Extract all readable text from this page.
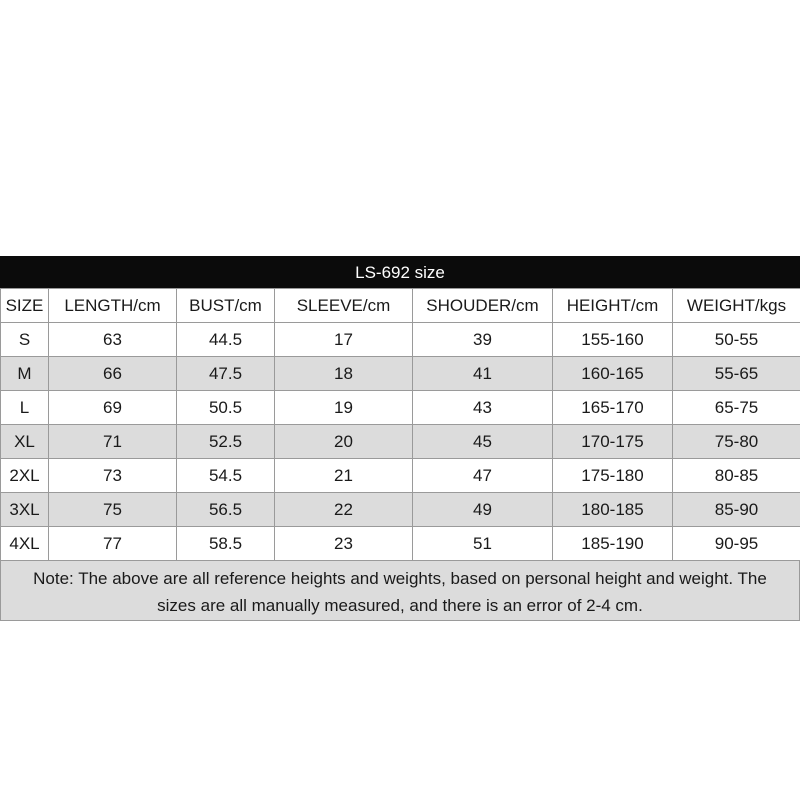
LS-692 size
SIZE	LENGTH/cm	BUST/cm	SLEEVE/cm	SHOUDER/cm	HEIGHT/cm	WEIGHT/kgs
S	63	44.5	17	39	155-160	50-55
M	66	47.5	18	41	160-165	55-65
L	69	50.5	19	43	165-170	65-75
XL	71	52.5	20	45	170-175	75-80
2XL	73	54.5	21	47	175-180	80-85
3XL	75	56.5	22	49	180-185	85-90
4XL	77	58.5	23	51	185-190	90-95
Note: The above are all reference heights and weights, based on personal height and weight. The sizes are all manually measured, and there is an error of 2-4 cm.
